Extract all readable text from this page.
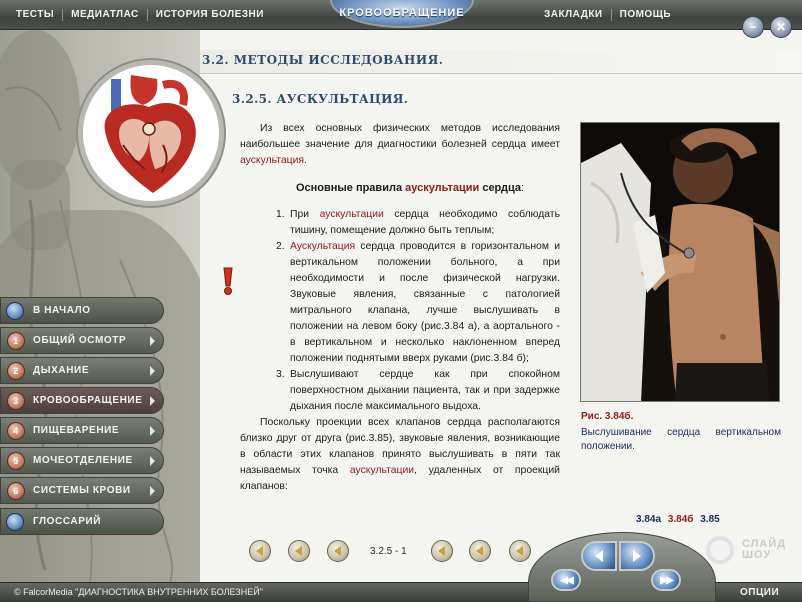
ТЕСТЫ	МЕДИАТЛАС	ИСТОРИЯ БОЛЕЗНИ	КРОВООБРАЩЕНИЕ	ЗАКЛАДКИ	ПОМОЩЬ
−	✕
В НАЧАЛО
1	ОБЩИЙ ОСМОТР
2	ДЫХАНИЕ
3	КРОВООБРАЩЕНИЕ
4	ПИЩЕВАРЕНИЕ
5	МОЧЕОТДЕЛЕНИЕ
6	СИСТЕМЫ КРОВИ
ГЛОССАРИЙ
3.2. МЕТОДЫ ИССЛЕДОВАНИЯ.
3.2.5. АУСКУЛЬТАЦИЯ.

Из всех основных физических методов исследования наибольшее значение для диагностики болезней сердца имеет аускультация.

Основные правила аускультации сердца:

1. При аускультации сердца необходимо соблюдать тишину, помещение должно быть теплым;
2. Аускультация сердца проводится в горизонтальном и вертикальном положении больного, а при необходимости и после физической нагрузки. Звуковые явления, связанные с патологией митрального клапана, лучше выслушивать в положении на левом боку (рис.3.84 а), а аортального - в вертикальном и несколько наклоненном вперед положении поднятыми вверх руками (рис.3.84 б);
3. Выслушивают сердце как при спокойном поверхностном дыхании пациента, так и при задержке дыхания после максимального выдоха.

Поскольку проекции всех клапанов сердца располагаются близко друг от друга (рис.3.85), звуковые явления, возникающие в области этих клапанов принято выслушивать в пяти так называемых точка аускультации, удаленных от проекций клапанов:

Рис. 3.84б.
Выслушивание сердца вертикальном положении.
3.84а 3.84б 3.85
3.2.5 - 1
СЛАЙД
ШОУ
© FalcorMedia "ДИАГНОСТИКА ВНУТРЕННИХ БОЛЕЗНЕЙ"	ОПЦИИ
◀◀	▶▶
